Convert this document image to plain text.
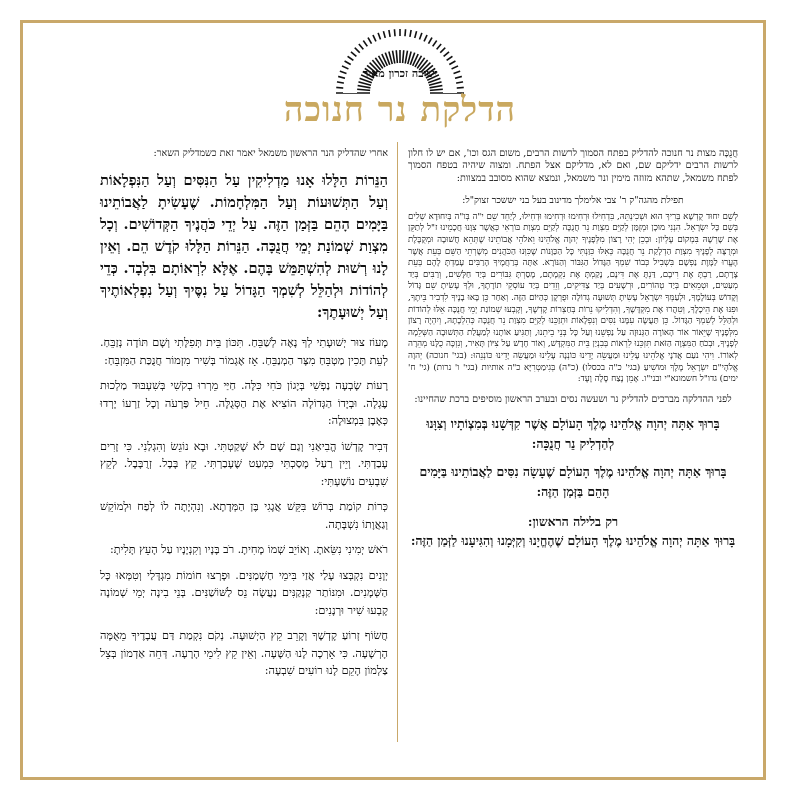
ישיבה זכרון מאיר
הדלקת נר חנוכה

חֲנֻכָּה מצות נר חנוכה להדליק בפתח הסמוך לרשות הרבים, משום הגס וכו', אם יש לו חלון לרשות הרבים ידליקם שם, ואם לא, מדליקם אצל הפתח. ומצוה שיהיה בטפח הסמוך לפתח משמאל, שתהא מזוזה מימין ונר משמאל, ונמצא שהוא מסובב במצוות:

תפילת מהגה"ק ר' צבי אלימלך מדינוב בעל בני יששכר זצוק"ל:

לְשֵׁם יִחוּד קֻדְשָׁא בְּרִיךְ הוּא וּשְׁכִינְתֵּהּ, בִּדְחִילוּ וּרְחִימוּ וּרְחִימוּ וּדְחִילוּ, לְיַחֵד שֵׁם י"ה בְּו"ה בְּיִחוּדָא שְׁלִים בְּשֵׁם כָּל יִשְׂרָאֵל. הִנְנִי מוּכָן וּמְזֻמָּן לְקַיֵּם מִצְוַת נֵר חֲנֻכָּה לְקַיֵּם מִצְוַת בּוֹרְאִי כְּאֲשֶׁר צִוָּנוּ חֲכָמֵינוּ ז"ל לְתַקֵּן אֶת שָׁרְשָׁהּ בִּמְקוֹם עֶלְיוֹן: וּבְכֵן יְהִי רָצוֹן מִלְּפָנֶיךָ יְהוָה אֱלֹהֵינוּ וֵאלֹהֵי אֲבוֹתֵינוּ שֶׁתְּהֵא חֲשׁוּבָה וּמְקֻבֶּלֶת וּמְרֻצָּה לְפָנֶיךָ מִצְוַת הַדְלָקַת נֵר חֲנֻכָּה כְּאִלּוּ כִּוַּנְתִּי כָּל הַכַּוָּנוֹת שֶׁכִּוְּנוּ הַכֹּהֲנִים מְשָׁרְתֵי הַשֵּׁם בְּעֵת אֲשֶׁר הֶעֱרוּ לַמָּוֶת נַפְשָׁם בִּשְׁבִיל כְּבוֹד שִׁמְךָ הַגָּדוֹל הַגִּבּוֹר וְהַנּוֹרָא. אַתָּה בְּרַחֲמֶיךָ הָרַבִּים עָמַדְתָּ לָהֶם בְּעֵת צָרָתָם, רַבְתָּ אֶת רִיבָם, דַּנְתָּ אֶת דִּינָם, נָקַמְתָּ אֶת נִקְמָתָם, מָסַרְתָּ גִּבּוֹרִים בְּיַד חַלָּשִׁים, וְרַבִּים בְּיַד מְעַטִּים, וּטְמֵאִים בְּיַד טְהוֹרִים, וּרְשָׁעִים בְּיַד צַדִּיקִים, וְזֵדִים בְּיַד עוֹסְקֵי תוֹרָתֶךָ, וּלְךָ עָשִׂיתָ שֵׁם גָּדוֹל וְקָדוֹשׁ בְּעוֹלָמֶךָ, וּלְעַמְּךָ יִשְׂרָאֵל עָשִׂיתָ תְּשׁוּעָה גְדוֹלָה וּפֻרְקָן כְּהַיּוֹם הַזֶּה. וְאַחַר כֵּן בָּאוּ בָנֶיךָ לִדְבִיר בֵּיתֶךָ, וּפִנּוּ אֶת הֵיכָלֶךָ, וְטִהֲרוּ אֶת מִקְדָּשֶׁךָ, וְהִדְלִיקוּ נֵרוֹת בְּחַצְרוֹת קָדְשֶׁךָ, וְקָבְעוּ שְׁמוֹנַת יְמֵי חֲנֻכָּה אֵלּוּ לְהוֹדוֹת וּלְהַלֵּל לְשִׁמְךָ הַגָּדוֹל. כֵּן תַּעֲשֶׂה עִמָּנוּ נִסִּים וְנִפְלָאוֹת וּתְזַכֵּנוּ לְקַיֵּם מִצְוַת נֵר חֲנֻכָּה כְּהִלְכָתָהּ, וְיִהְיֶה רָצוֹן מִלְּפָנֶיךָ שֶׁיֵּאוֹר אוֹר הָאוֹרָה הַגְּנוּזָה עַל נַפְשֵׁנוּ וְעַל כָּל בְּנֵי בֵיתֵנוּ, וְתַגִּיעַ אוֹתָנוּ לְמַעֲלַת הַתְּשׁוּבָה הַשְּׁלֵמָה לְפָנֶיךָ, וּבְכֹחַ הַמִּצְוָה הַזֹּאת תִּזְכֵּנוּ לִרְאוֹת בְּבִנְיַן בֵּית הַמִּקְדָּשׁ, וְאוֹר חָדָשׁ עַל צִיּוֹן תָּאִיר, וְנִזְכֶּה כֻלָּנוּ מְהֵרָה לְאוֹרוֹ. וִיהִי נֹעַם אֲדֹנָי אֱלֹהֵינוּ עָלֵינוּ וּמַעֲשֵׂה יָדֵינוּ כּוֹנְנָה עָלֵינוּ וּמַעֲשֵׂה יָדֵינוּ כּוֹנְנֵהוּ: (בגי' חנוכה) יְהוָה אֱלֹהָי"ם יִשְׂרָאֵל מֶלֶךְ וּמוֹשִׁיעַ (בגי' כ"ה בכסלו) (כ"ה) בְּגִימַטְרִיָּא כ"ה אותיות (בגי' ו' נרות) (גי' ח' ימים) גדו"ל חשמונא"י ובני"ו. אָמֵן נֶצַח סֶלָה וָעֶד:

לפני ההדלקה מברכים להדליק נר ושעשה נסים ובערב הראשון מוסיפים ברכת שהחיינו:

בָּרוּךְ אַתָּה יְהוָה אֱלֹהֵינוּ מֶלֶךְ הָעוֹלָם אֲשֶׁר קִדְּשָׁנוּ בְּמִצְוֹתָיו וְצִוָּנוּ לְהַדְלִיק נֵר חֲנֻכָּה:

בָּרוּךְ אַתָּה יְהוָה אֱלֹהֵינוּ מֶלֶךְ הָעוֹלָם שֶׁעָשָׂה נִסִּים לַאֲבוֹתֵינוּ בַּיָּמִים הָהֵם בַּזְּמַן הַזֶּה:

רק בלילה הראשון:

בָּרוּךְ אַתָּה יְהוָה אֱלֹהֵינוּ מֶלֶךְ הָעוֹלָם שֶׁהֶחֱיָנוּ וְקִיְּמָנוּ וְהִגִּיעָנוּ לַזְּמַן הַזֶּה:

אחרי שהדליק הנר הראשון משמאל יאמר זאת כשמדליק השאר:

הַנֵּרוֹת הַלָּלוּ אָנוּ מַדְלִיקִין עַל הַנִּסִּים וְעַל הַנִּפְלָאוֹת וְעַל הַתְּשׁוּעוֹת וְעַל הַמִּלְחָמוֹת. שֶׁעָשִׂיתָ לַאֲבוֹתֵינוּ בַּיָּמִים הָהֵם בַּזְּמַן הַזֶּה. עַל יְדֵי כֹּהֲנֶיךָ הַקְּדוֹשִׁים. וְכָל מִצְוַת שְׁמוֹנַת יְמֵי חֲנֻכָּה. הַנֵּרוֹת הַלָּלוּ קֹדֶשׁ הֵם. וְאֵין לָנוּ רְשׁוּת לְהִשְׁתַּמֵּשׁ בָּהֶם. אֶלָּא לִרְאוֹתָם בִּלְבָד. כְּדֵי לְהוֹדוֹת וּלְהַלֵּל לְשִׁמְךָ הַגָּדוֹל עַל נִסֶּיךָ וְעַל נִפְלְאוֹתֶיךָ וְעַל יְשׁוּעָתֶךָ:

מָעוֹז צוּר יְשׁוּעָתִי לְךָ נָאֶה לְשַׁבֵּחַ. תִּכּוֹן בֵּית תְּפִלָּתִי וְשָׁם תּוֹדָה נְזַבֵּחַ. לְעֵת תָּכִין מַטְבֵּחַ מִצָּר הַמְנַבֵּחַ. אָז אֶגְמוֹר בְּשִׁיר מִזְמוֹר חֲנֻכַּת הַמִּזְבֵּחַ:

רָעוֹת שָׂבְעָה נַפְשִׁי בְּיָגוֹן כֹּחִי כִּלָּה. חַיַּי מֵרְרוּ בְקֹשִׁי בְּשִׁעְבּוּד מַלְכוּת עֶגְלָה. וּבְיָדוֹ הַגְּדוֹלָה הוֹצִיא אֶת הַסְּגֻלָּה. חֵיל פַּרְעֹה וְכָל זַרְעוֹ יָרְדוּ כְּאֶבֶן בִּמְצוּלָה:

דְּבִיר קָדְשׁוֹ הֱבִיאַנִי וְגַם שָׁם לֹא שָׁקַטְתִּי. וּבָא נוֹגֵשׂ וְהִגְלַנִי. כִּי זָרִים עָבַדְתִּי. וְיֵין רַעַל מָסַכְתִּי כִּמְעַט שֶׁעָבַרְתִּי. קֵץ בָּבֶל. זְרֻבָּבֶל. לְקֵץ שִׁבְעִים נוֹשַׁעְתִּי:

כְּרוֹת קוֹמַת בְּרוֹשׁ בִּקֵּשׁ אֲגָגִי בֶּן הַמְּדָתָא. וְנִהְיָתָה לוֹ לְפַח וּלְמוֹקֵשׁ וְגַאֲוָתוֹ נִשְׁבָּתָה.

רֹאשׁ יְמִינִי נִשֵּׂאתָ. וְאוֹיֵב שְׁמוֹ מָחִיתָ. רֹב בָּנָיו וְקִנְיָנָיו עַל הָעֵץ תָּלִיתָ:

יְוָנִים נִקְבְּצוּ עָלַי אֲזַי בִּימֵי חַשְׁמַנִּים. וּפָרְצוּ חוֹמוֹת מִגְדָּלַי וְטִמְּאוּ כָּל הַשְּׁמָנִים. וּמִנּוֹתַר קַנְקַנִּים נַעֲשָׂה נֵס לַשּׁוֹשַׁנִּים. בְּנֵי בִינָה יְמֵי שְׁמוֹנָה קָבְעוּ שִׁיר וּרְנָנִים:

חֲשׂוֹף זְרוֹעַ קָדְשֶׁךָ וְקָרֵב קֵץ הַיְשׁוּעָה. נְקֹם נִקְמַת דַּם עֲבָדֶיךָ מֵאֻמָּה הָרְשָׁעָה. כִּי אָרְכָה לָנוּ הַשָּׁעָה. וְאֵין קֵץ לִימֵי הָרָעָה. דְּחֵה אַדְמוֹן בְּצֵל צַלְמוֹן הָקֵם לָנוּ רוֹעִים שִׁבְעָה:
